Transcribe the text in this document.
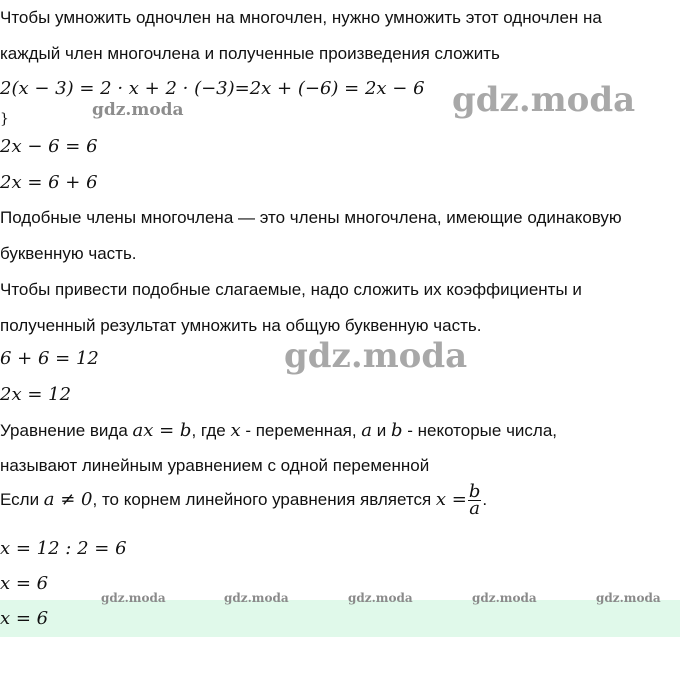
Чтобы умножить одночлен на многочлен, нужно умножить этот одночлен на
каждый член многочлена и полученные произведения сложить
2(x − 3) = 2 · x + 2 · (−3)=2x + (−6) = 2x − 6
}
2x − 6 = 6
2x = 6 + 6
Подобные члены многочлена — это члены многочлена, имеющие одинаковую
буквенную часть.
Чтобы привести подобные слагаемые, надо сложить их коэффициенты и
полученный результат умножить на общую буквенную часть.
6 + 6 = 12
2x = 12
Уравнение вида ax = b, где x - переменная, a и b - некоторые числа,
называют линейным уравнением с одной переменной
Если a ≠ 0, то корнем линейного уравнения является $x = \frac{b}{a}$ .
x = 12 : 2 = 6
x = 6
x = 6
gdz.moda
gdz.moda
gdz.moda
gdz.moda	gdz.moda	gdz.moda	gdz.moda	gdz.moda
